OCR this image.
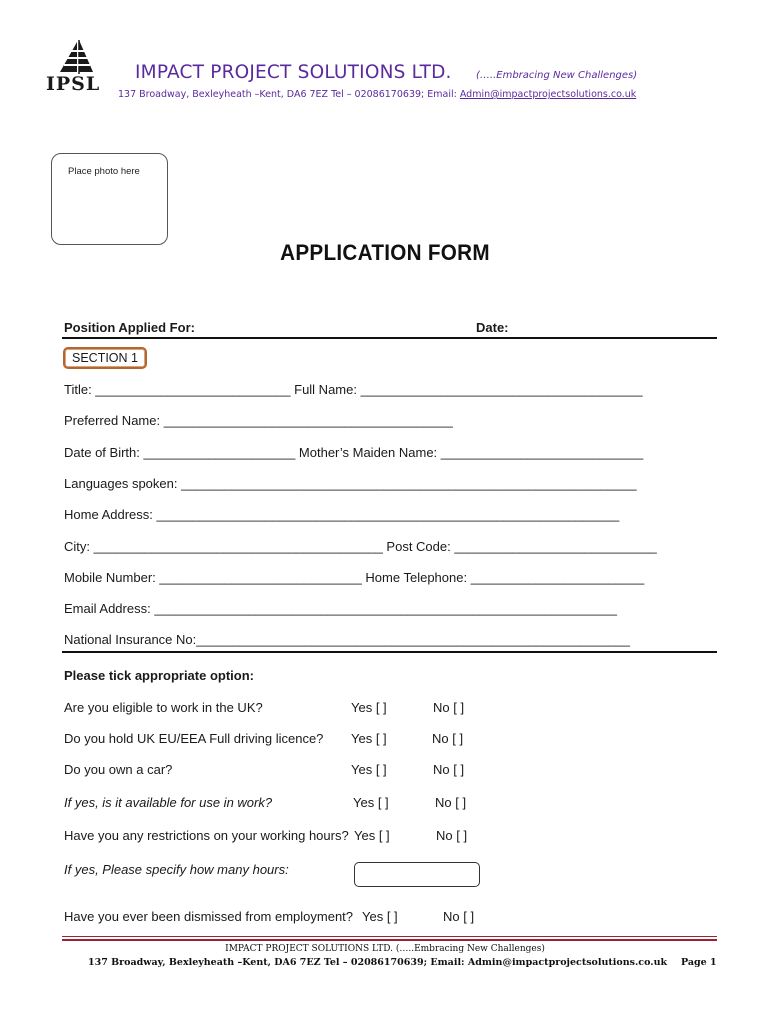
IPSL
IMPACT PROJECT SOLUTIONS LTD. (…..Embracing New Challenges)
137 Broadway, Bexleyheath –Kent, DA6 7EZ Tel – 02086170639; Email: Admin@impactprojectsolutions.co.uk
Place photo here
APPLICATION FORM
Position Applied For:	Date:
SECTION 1
Title: ___________________________ Full Name: _______________________________________
Preferred Name: ________________________________________
Date of Birth: _____________________ Mother’s Maiden Name: ____________________________
Languages spoken: _______________________________________________________________
Home Address: ________________________________________________________________
City: ________________________________________ Post Code: ____________________________
Mobile Number: ____________________________ Home Telephone: ________________________
Email Address: ________________________________________________________________
National Insurance No:____________________________________________________________
Please tick appropriate option:
Are you eligible to work in the UK?	Yes [ ]	No [ ]
Do you hold UK EU/EEA Full driving licence? Yes [ ]	No [ ]
Do you own a car?	Yes [ ]	No [ ]
If yes, is it available for use in work?	Yes [ ]	No [ ]
Have you any restrictions on your working hours? Yes [ ]	No [ ]
If yes, Please specify how many hours:
Have you ever been dismissed from employment? Yes [ ]	No [ ]
IMPACT PROJECT SOLUTIONS LTD. (…..Embracing New Challenges)
137 Broadway, Bexleyheath –Kent, DA6 7EZ Tel – 02086170639; Email: Admin@impactprojectsolutions.co.uk Page 1
